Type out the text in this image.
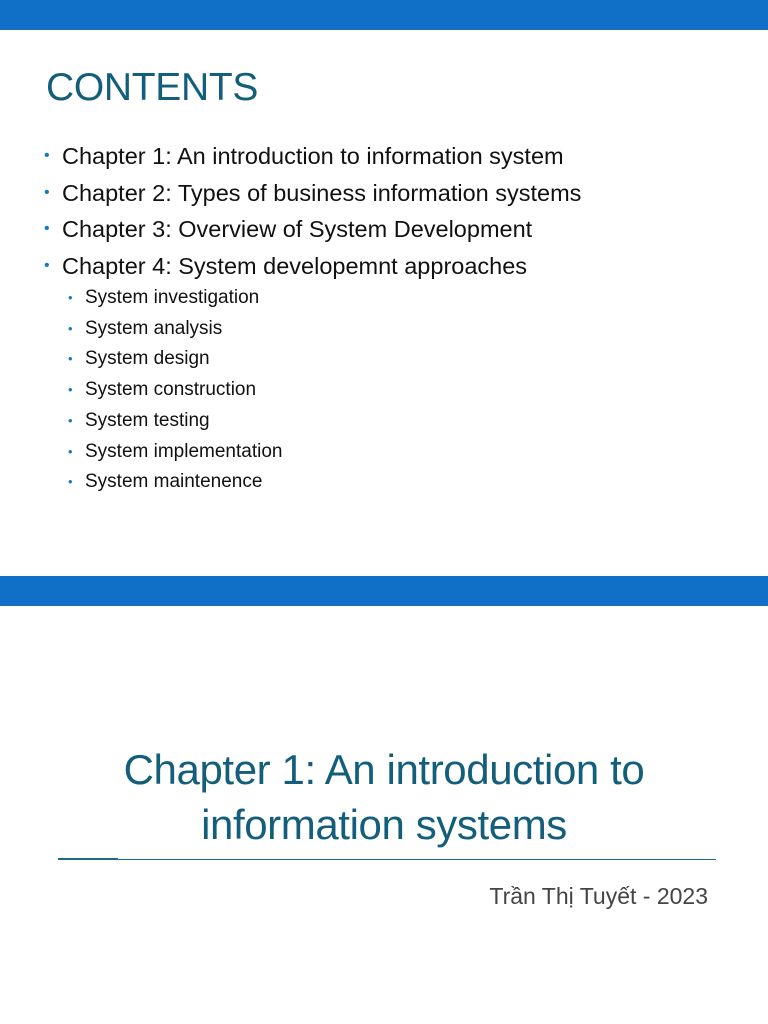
CONTENTS
• Chapter 1: An introduction to information system
• Chapter 2: Types of business information systems
• Chapter 3: Overview of System Development
• Chapter 4: System developemnt approaches
• System investigation
• System analysis
• System design
• System construction
• System testing
• System implementation
• System maintenence
Chapter 1: An introduction to
information systems
Trần Thị Tuyết - 2023
